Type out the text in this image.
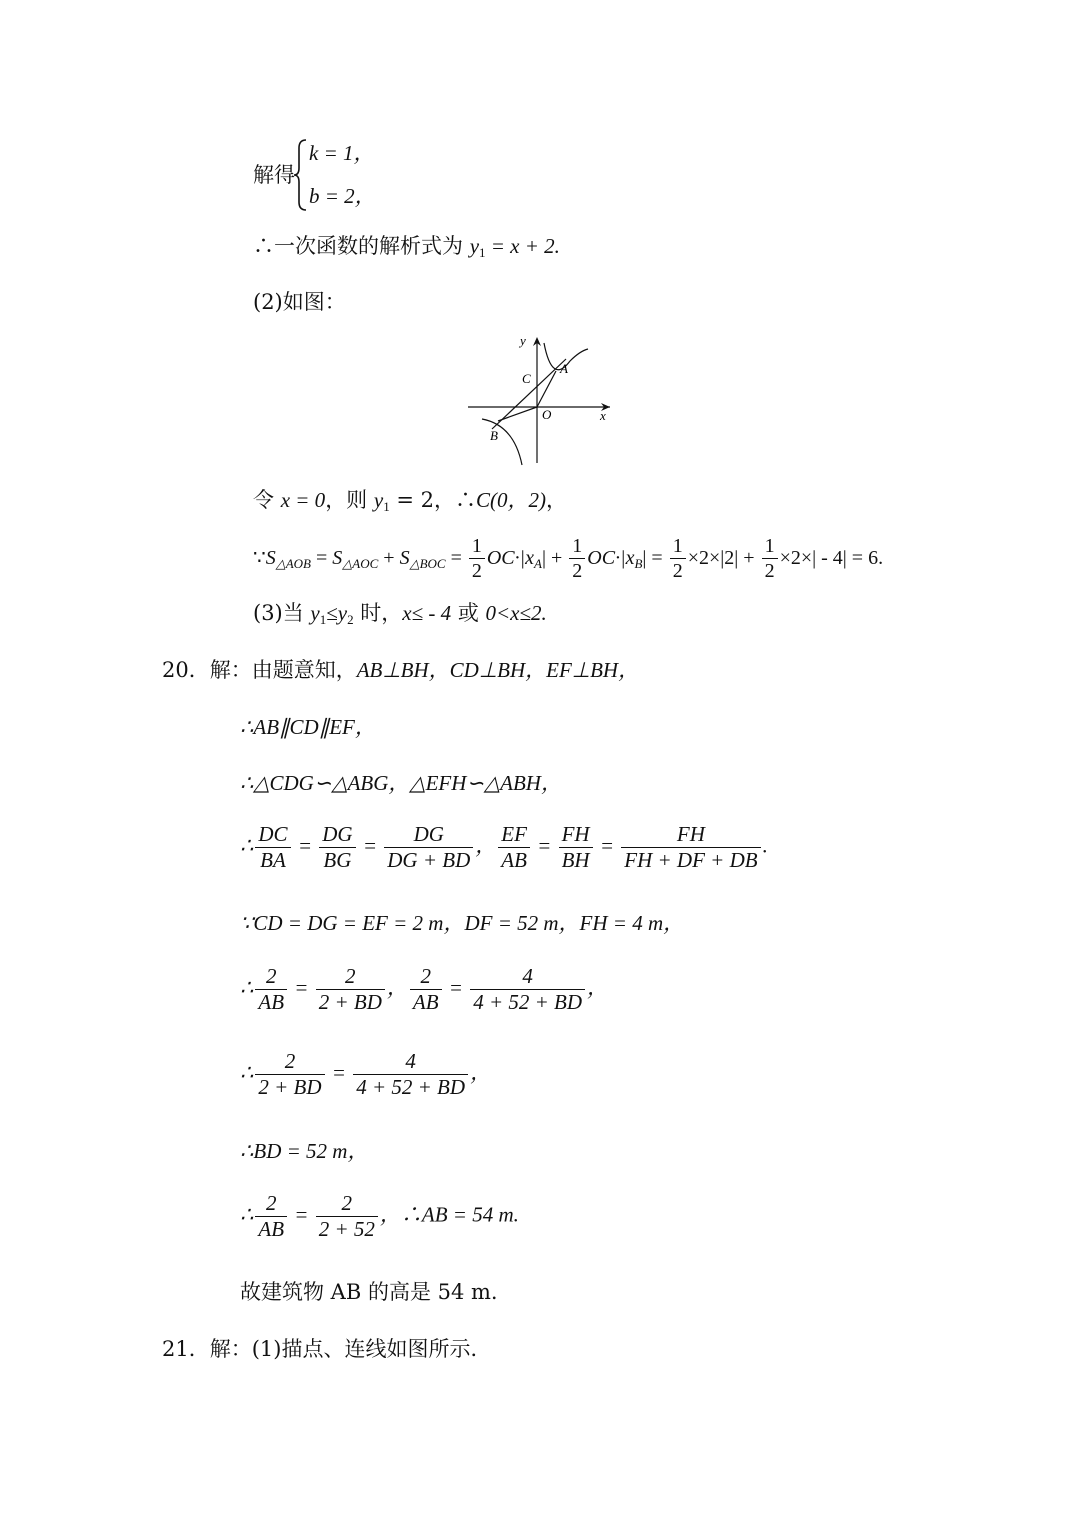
解得
k = 1，
b = 2，
∴一次函数的解析式为 $y_1 = x + 2$.
(2)如图：
y
x
A
B
C
O
令 x = 0，则 $y_1 = 2$，∴C(0，2)，
$\because S_{\triangle AOB} = S_{\triangle AOC} + S_{\triangle BOC} = \frac{1}{2} OC\cdot|x_A| + \frac{1}{2} OC\cdot|x_B| = \frac{1}{2} \times 2\times|2| + \frac{1}{2} \times 2\times| - 4| = 6$.
(3)当 $y_1\le y_2$ 时，x≤ - 4 或 0<x≤2.
20．解：由题意知，AB⊥BH，CD⊥BH，EF⊥BH，
∴AB∥CD∥EF，
∴△CDG∽△ABG，△EFH∽△ABH，
∴ $\frac{DC}{BA} = \frac{DG}{BG} = \frac{DG}{DG + BD}$ ， $\frac{EF}{AB} = \frac{FH}{BH} = \frac{FH}{FH + DF + DB}$ .
∵CD = DG = EF = 2 m，DF = 52 m，FH = 4 m，
∴ $\frac{2}{AB} = \frac{2}{2 + BD}$ ， $\frac{2}{AB} = \frac{4}{4 + 52 + BD}$ ，
∴ $\frac{2}{2 + BD} = \frac{4}{4 + 52 + BD}$ ，
∴BD = 52 m，
∴ $\frac{2}{AB} = \frac{2}{2 + 52}$ ，∴AB = 54 m.
故建筑物 AB 的高是 54 m.
21．解：(1)描点、连线如图所示．
